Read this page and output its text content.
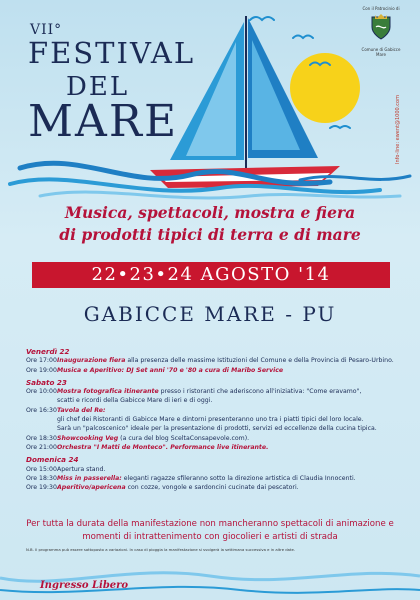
VII°
FESTIVAL
DEL
MARE
Con il Patrocinio di
Comune di Gabicce Mare
Info-line: ewent@1000.com
Musica, spettacoli, mostra e fiera
di prodotti tipici di terra e di mare
22•23•24 AGOSTO '14
GABICCE MARE - PU
Venerdì 22
Ore 17:00 Inaugurazione fiera alla presenza delle massime Istituzioni del Comune e della Provincia di Pesaro-Urbino.
Ore 19:00 Musica e Aperitivo: DJ Set anni '70 e '80 a cura di Maribo Service
Sabato 23
Ore 10:00 Mostra fotografica itinerante presso i ristoranti che aderiscono all'iniziativa: "Come eravamo",
scatti e ricordi della Gabicce Mare di ieri e di oggi.
Ore 16:30 Tavola del Re:
gli chef dei Ristoranti di Gabicce Mare e dintorni presenteranno uno tra i piatti tipici del loro locale.
Sarà un "palcoscenico" ideale per la presentazione di prodotti, servizi ed eccellenze della cucina tipica.
Ore 18:30 Showcooking Veg (a cura del blog SceltaConsapevole.com).
Ore 21:00 Orchestra "I Matti de Monteco". Performance live itinerante.
Domenica 24
Ore 15:00 Apertura stand.
Ore 18:30 Miss in passerella: eleganti ragazze sfileranno sotto la direzione artistica di Claudia Innocenti.
Ore 19:30 Aperitivo/apericena con cozze, vongole e sardoncini cucinate dai pescatori.
Per tutta la durata della manifestazione non mancheranno spettacoli di animazione e
momenti di intrattenimento con giocolieri e artisti di strada
N.B. Il programma può essere sottoposto a variazioni. In caso di pioggia la manifestazione si svolgerà la settimana successiva e in altre date.
Ingresso Libero
